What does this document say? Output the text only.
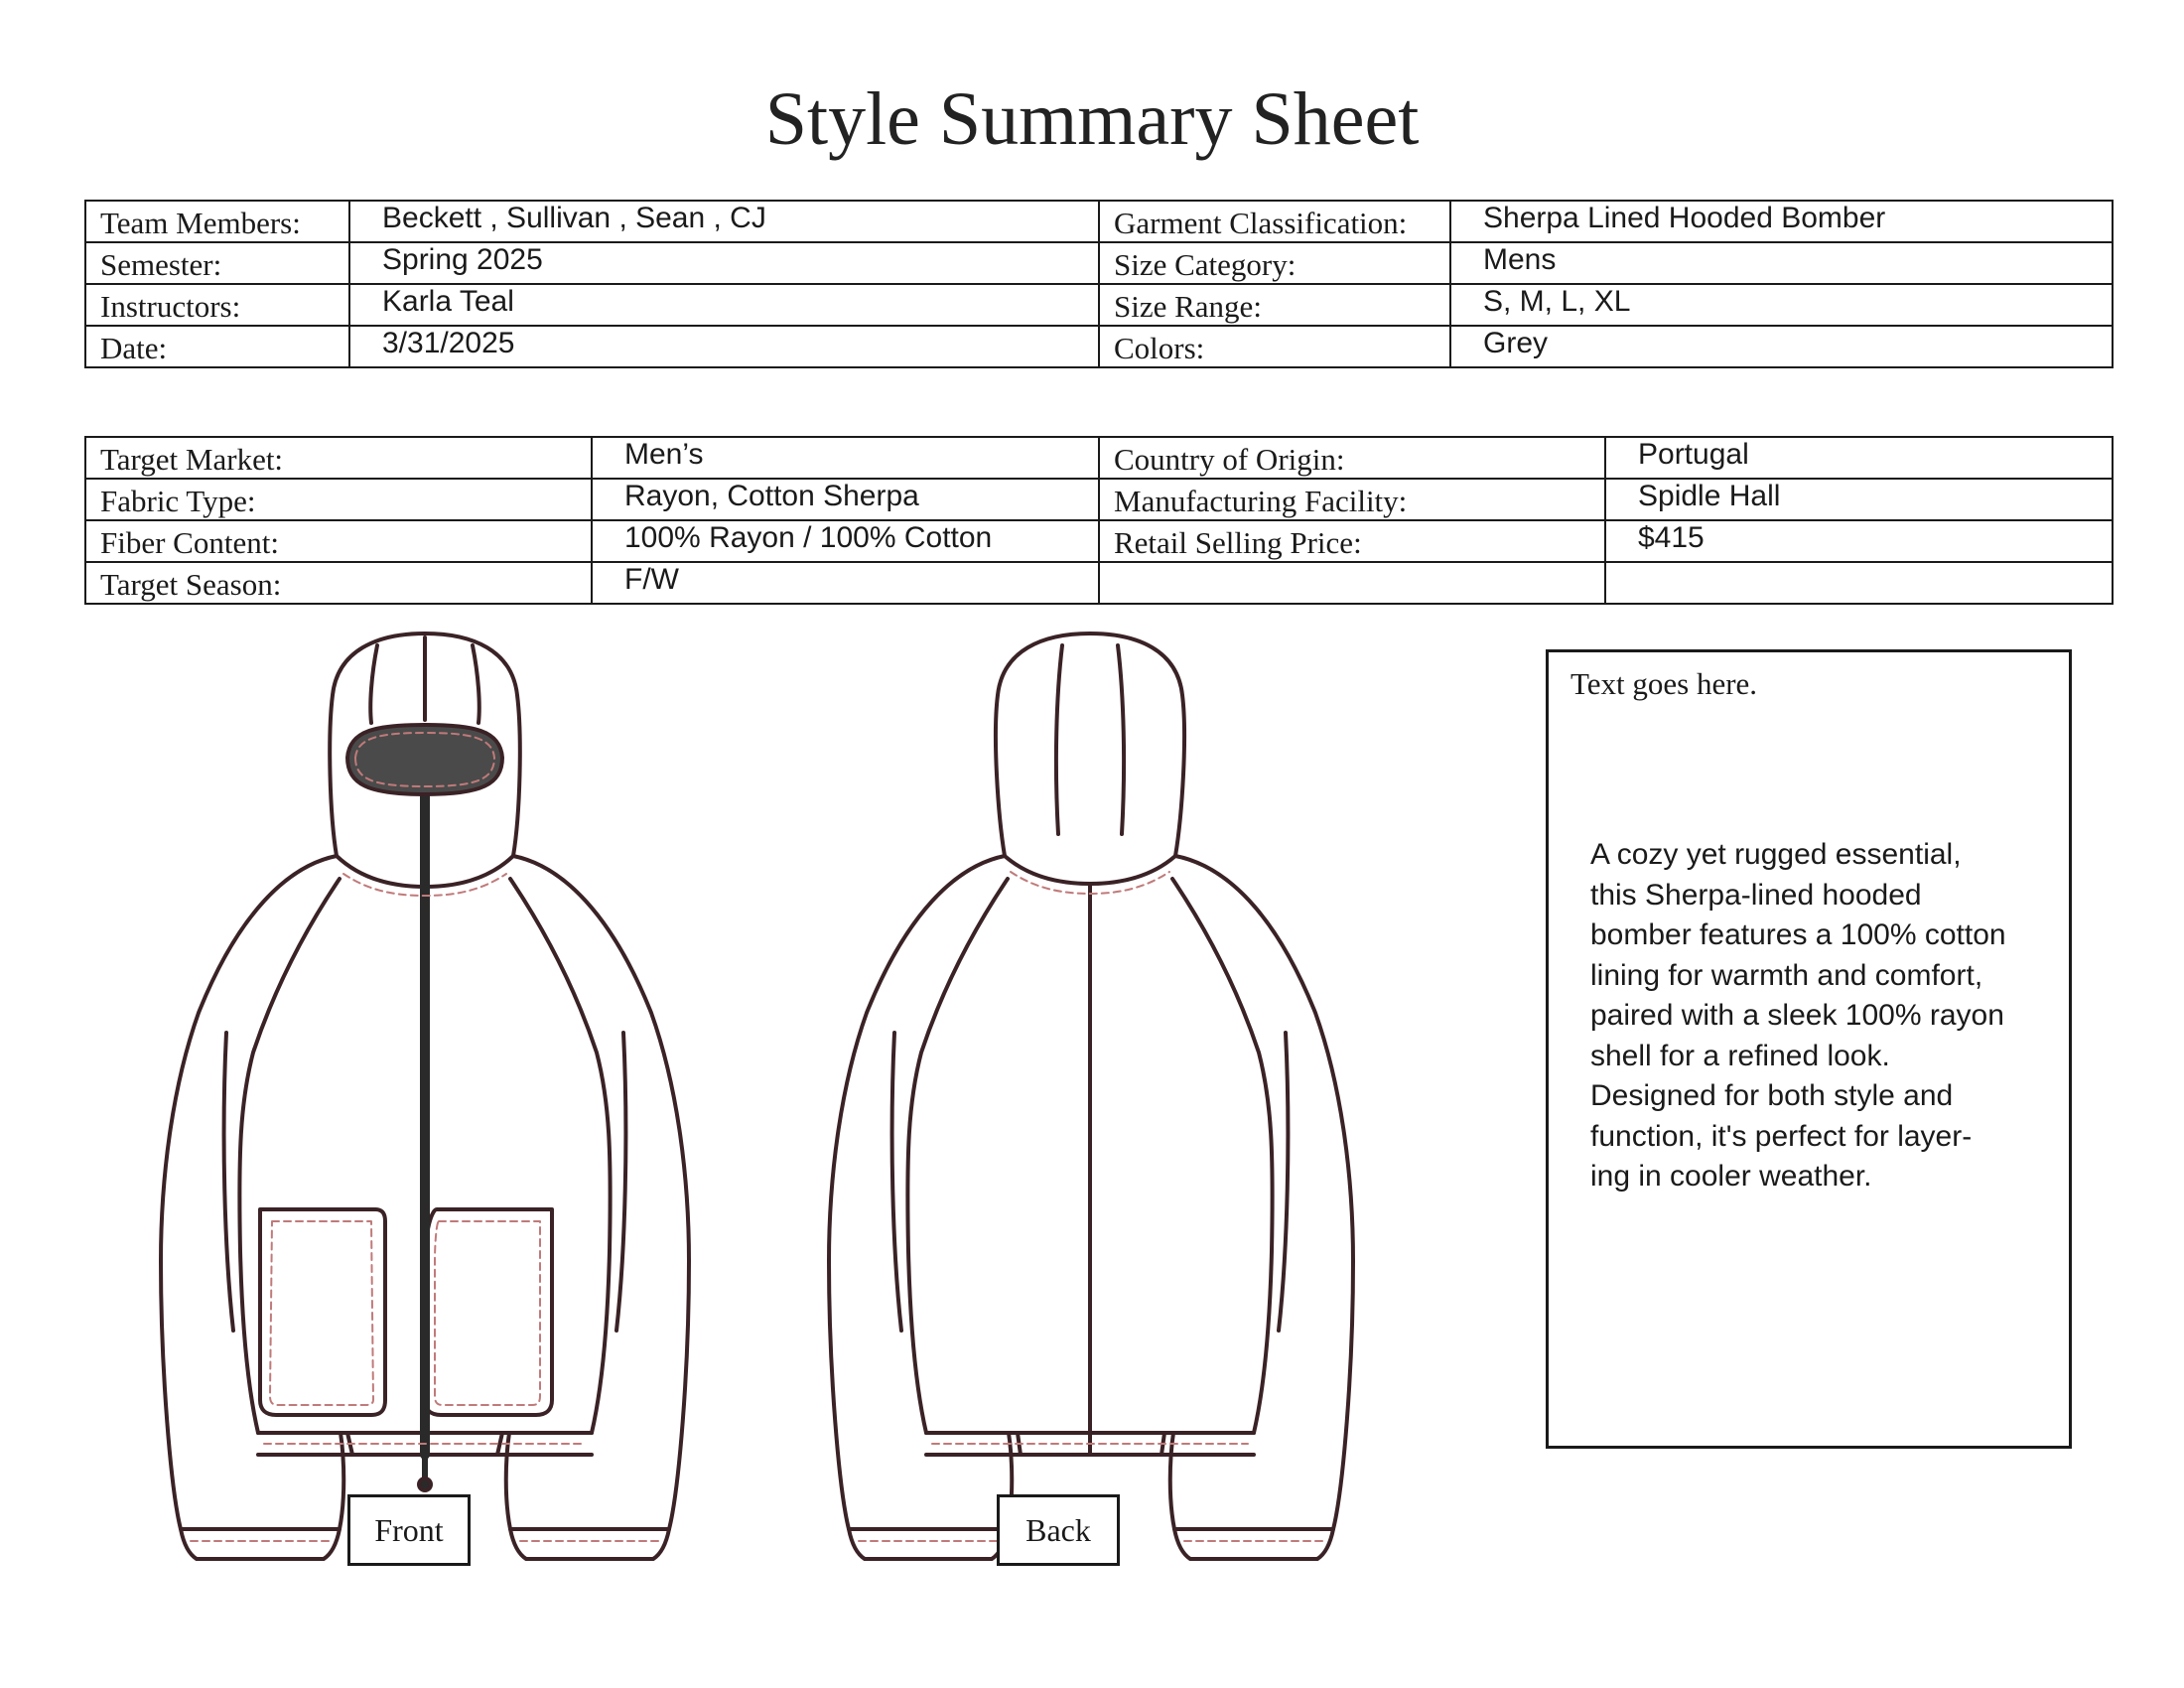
Style Summary Sheet
Team Members:	Beckett , Sullivan , Sean , CJ	Garment Classification:	Sherpa Lined Hooded Bomber
Semester:	Spring 2025	Size Category:	Mens
Instructors:	Karla Teal	Size Range:	S, M, L, XL
Date:	3/31/2025	Colors:	Grey
Target Market:	Men’s	Country of Origin:	Portugal
Fabric Type:	Rayon, Cotton Sherpa	Manufacturing Facility:	Spidle Hall
Fiber Content:	100% Rayon / 100% Cotton	Retail Selling Price:	$415
Target Season:	F/W		
Front	Back
Text goes here.
A cozy yet rugged essential,
this Sherpa-lined hooded
bomber features a 100% cotton
lining for warmth and comfort,
paired with a sleek 100% rayon
shell for a refined look.
Designed for both style and
function, it's perfect for layer-
ing in cooler weather.
